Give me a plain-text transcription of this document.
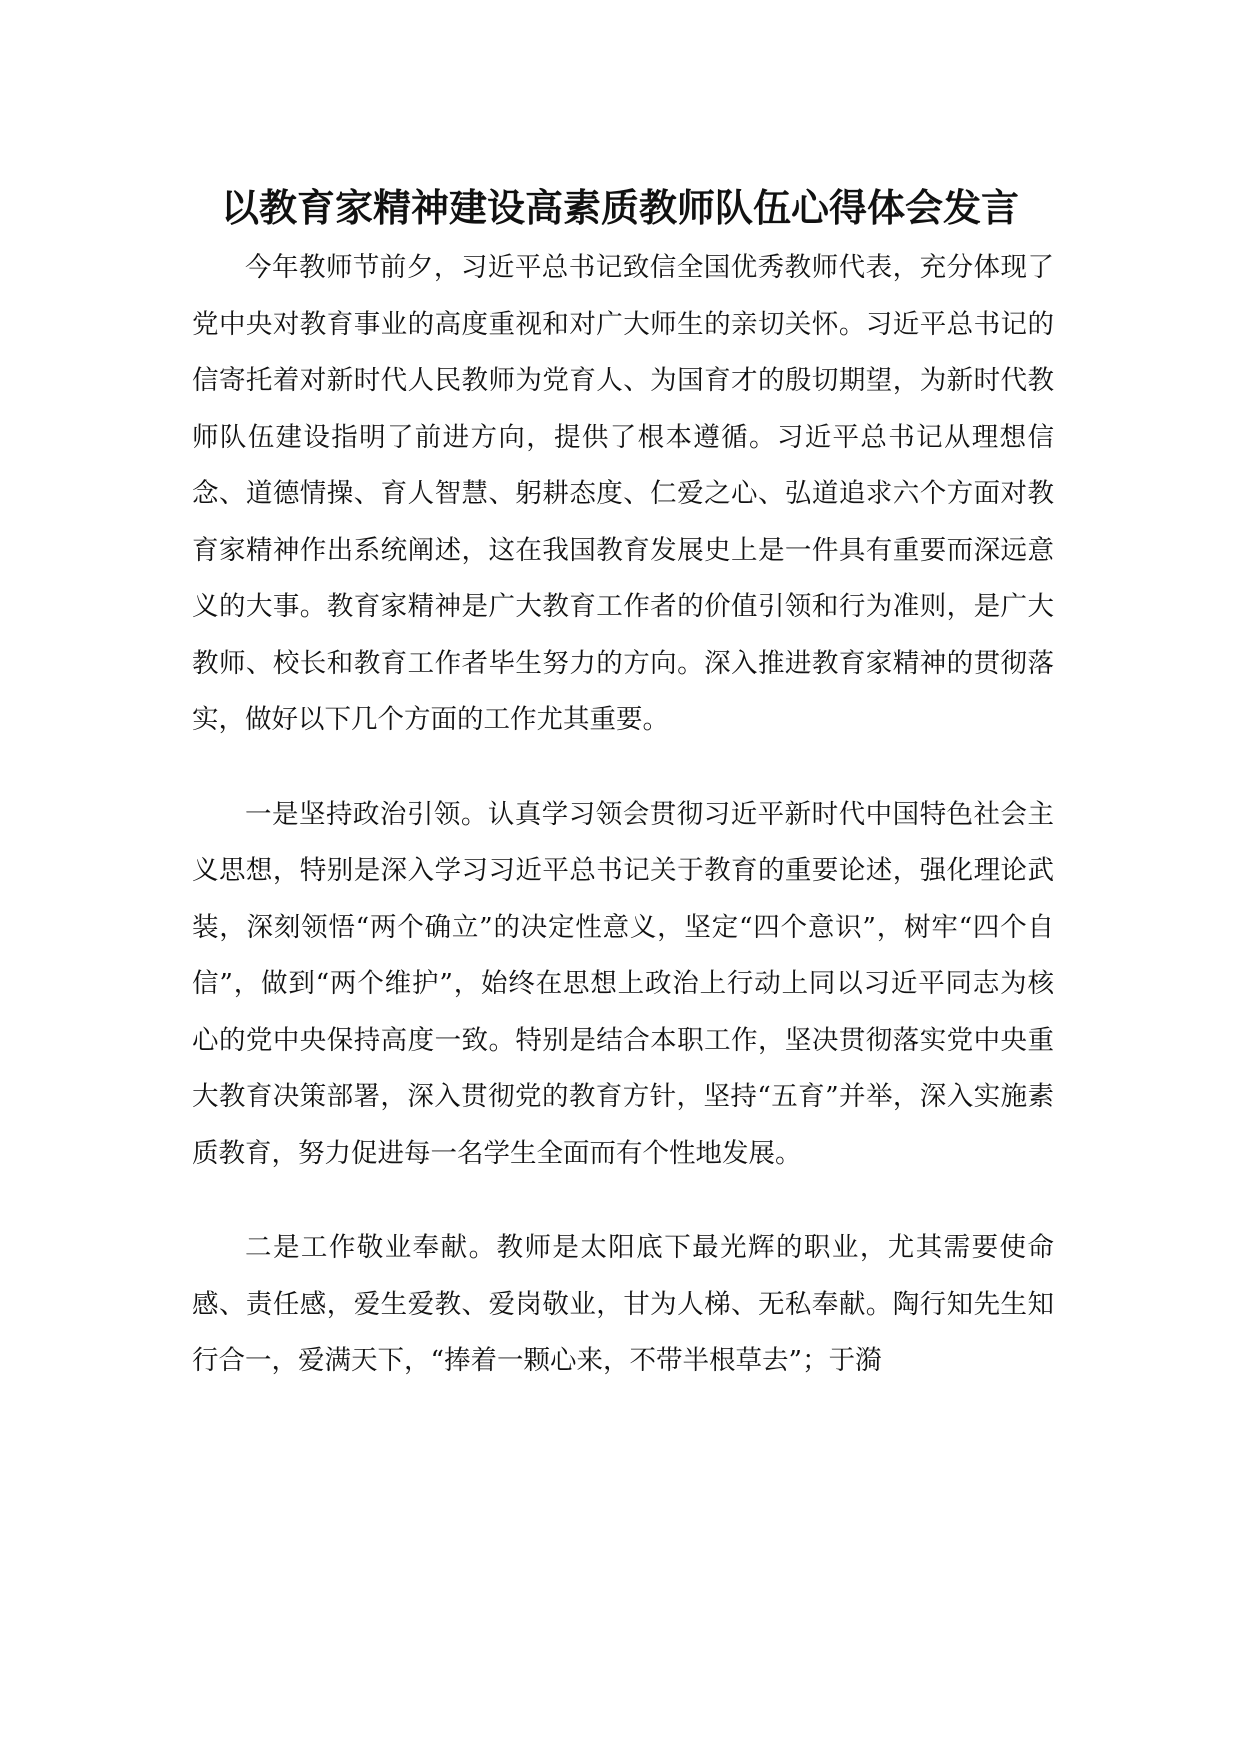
以教育家精神建设高素质教师队伍心得体会发言

今年教师节前夕，习近平总书记致信全国优秀教师代表，充分体现了党中央对教育事业的高度重视和对广大师生的亲切关怀。习近平总书记的信寄托着对新时代人民教师为党育人、为国育才的殷切期望，为新时代教师队伍建设指明了前进方向，提供了根本遵循。习近平总书记从理想信念、道德情操、育人智慧、躬耕态度、仁爱之心、弘道追求六个方面对教育家精神作出系统阐述，这在我国教育发展史上是一件具有重要而深远意义的大事。教育家精神是广大教育工作者的价值引领和行为准则，是广大教师、校长和教育工作者毕生努力的方向。深入推进教育家精神的贯彻落实，做好以下几个方面的工作尤其重要。

一是坚持政治引领。认真学习领会贯彻习近平新时代中国特色社会主义思想，特别是深入学习习近平总书记关于教育的重要论述，强化理论武装，深刻领悟“两个确立”的决定性意义，坚定“四个意识”，树牢“四个自信”，做到“两个维护”，始终在思想上政治上行动上同以习近平同志为核心的党中央保持高度一致。特别是结合本职工作，坚决贯彻落实党中央重大教育决策部署，深入贯彻党的教育方针，坚持“五育”并举，深入实施素质教育，努力促进每一名学生全面而有个性地发展。

二是工作敬业奉献。教师是太阳底下最光辉的职业，尤其需要使命感、责任感，爱生爱教、爱岗敬业，甘为人梯、无私奉献。陶行知先生知行合一，爱满天下，“捧着一颗心来，不带半根草去”；于漪
